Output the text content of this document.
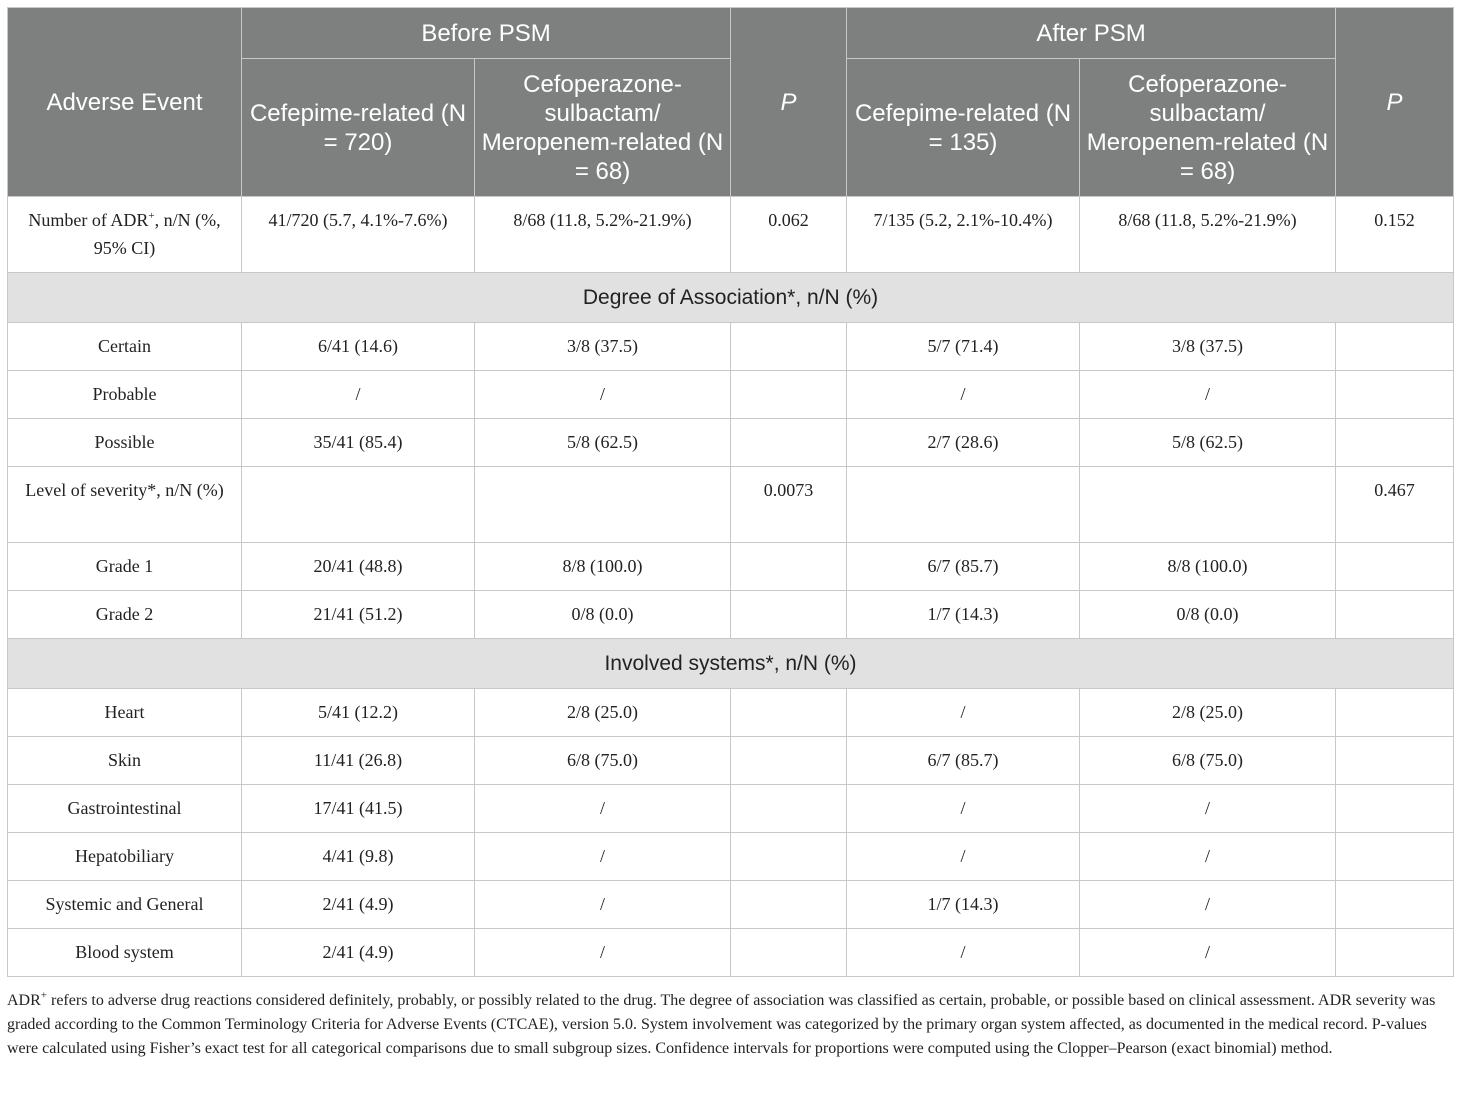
Adverse Event	Before PSM		P	After PSM		P
	Cefepime-related (N = 720)	Cefoperazone-sulbactam/ Meropenem-related (N = 68)		Cefepime-related (N = 135)	Cefoperazone-sulbactam/ Meropenem-related (N = 68)	
Number of ADR+, n/N (%, 95% CI)	41/720 (5.7, 4.1%-7.6%)	8/68 (11.8, 5.2%-21.9%)	0.062	7/135 (5.2, 2.1%-10.4%)	8/68 (11.8, 5.2%-21.9%)	0.152
Degree of Association*, n/N (%)						
Certain	6/41 (14.6)	3/8 (37.5)		5/7 (71.4)	3/8 (37.5)	
Probable	/	/		/	/	
Possible	35/41 (85.4)	5/8 (62.5)		2/7 (28.6)	5/8 (62.5)	
Level of severity*, n/N (%)			0.0073			0.467
Grade 1	20/41 (48.8)	8/8 (100.0)		6/7 (85.7)	8/8 (100.0)	
Grade 2	21/41 (51.2)	0/8 (0.0)		1/7 (14.3)	0/8 (0.0)	
Involved systems*, n/N (%)						
Heart	5/41 (12.2)	2/8 (25.0)		/	2/8 (25.0)	
Skin	11/41 (26.8)	6/8 (75.0)		6/7 (85.7)	6/8 (75.0)	
Gastrointestinal	17/41 (41.5)	/		/	/	
Hepatobiliary	4/41 (9.8)	/		/	/	
Systemic and General	2/41 (4.9)	/		1/7 (14.3)	/	
Blood system	2/41 (4.9)	/		/	/	

ADR+ refers to adverse drug reactions considered definitely, probably, or possibly related to the drug. The degree of association was classified as certain, probable, or possible based on clinical assessment. ADR severity was graded according to the Common Terminology Criteria for Adverse Events (CTCAE), version 5.0. System involvement was categorized by the primary organ system affected, as documented in the medical record. P-values were calculated using Fisher’s exact test for all categorical comparisons due to small subgroup sizes. Confidence intervals for proportions were computed using the Clopper–Pearson (exact binomial) method.
